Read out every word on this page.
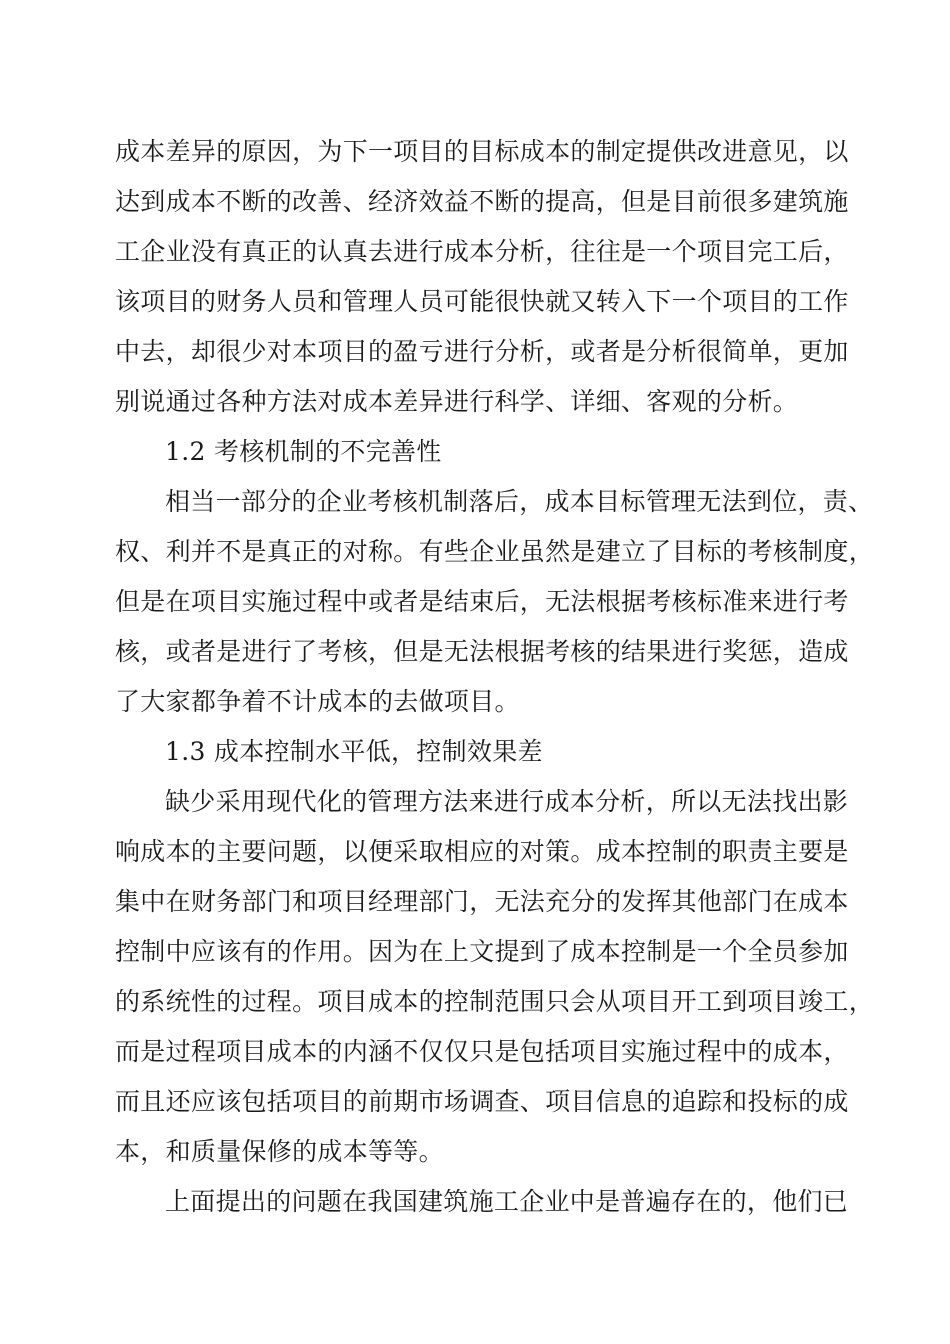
成本差异的原因，为下一项目的目标成本的制定提供改进意见，以
达到成本不断的改善、经济效益不断的提高，但是目前很多建筑施
工企业没有真正的认真去进行成本分析，往往是一个项目完工后，
该项目的财务人员和管理人员可能很快就又转入下一个项目的工作
中去，却很少对本项目的盈亏进行分析，或者是分析很简单，更加
别说通过各种方法对成本差异进行科学、详细、客观的分析。
1.2 考核机制的不完善性
相当一部分的企业考核机制落后，成本目标管理无法到位，责、
权、利并不是真正的对称。有些企业虽然是建立了目标的考核制度，
但是在项目实施过程中或者是结束后，无法根据考核标准来进行考
核，或者是进行了考核，但是无法根据考核的结果进行奖惩，造成
了大家都争着不计成本的去做项目。
1.3 成本控制水平低，控制效果差
缺少采用现代化的管理方法来进行成本分析，所以无法找出影
响成本的主要问题，以便采取相应的对策。成本控制的职责主要是
集中在财务部门和项目经理部门，无法充分的发挥其他部门在成本
控制中应该有的作用。因为在上文提到了成本控制是一个全员参加
的系统性的过程。项目成本的控制范围只会从项目开工到项目竣工，
而是过程项目成本的内涵不仅仅只是包括项目实施过程中的成本，
而且还应该包括项目的前期市场调查、项目信息的追踪和投标的成
本，和质量保修的成本等等。
上面提出的问题在我国建筑施工企业中是普遍存在的，他们已
